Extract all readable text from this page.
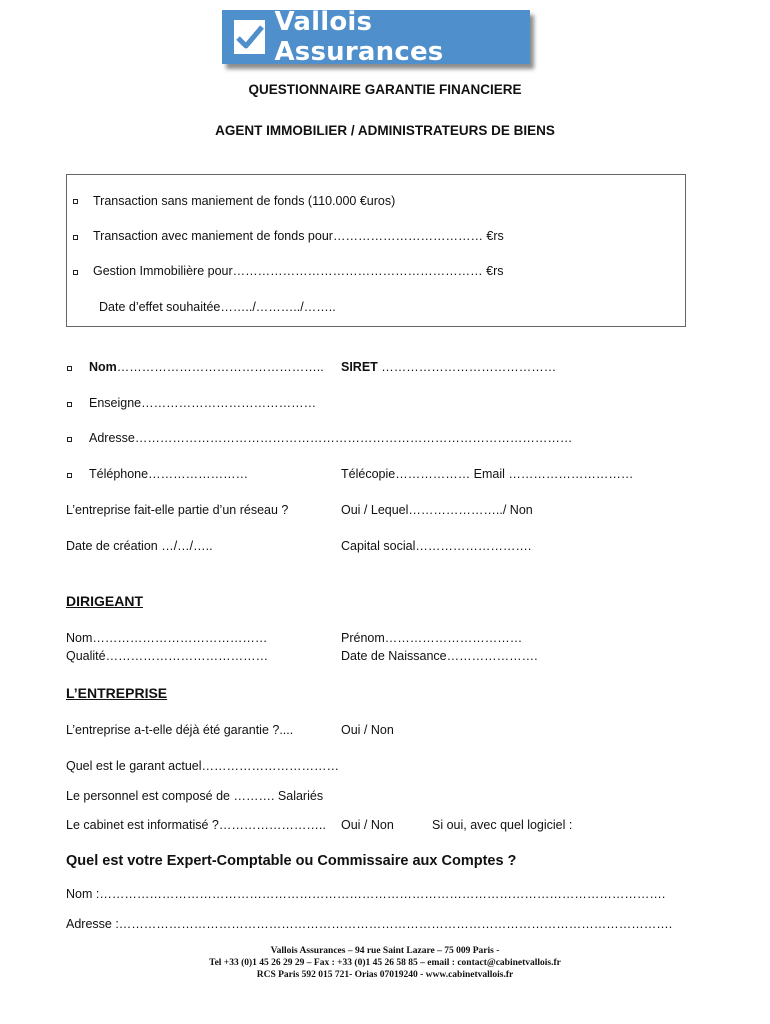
Vallois Assurances
QUESTIONNAIRE GARANTIE FINANCIERE
AGENT IMMOBILIER / ADMINISTRATEURS DE BIENS
Transaction sans maniement de fonds (110.000 €uros)
Transaction avec maniement de fonds pour……………………………… €rs
Gestion Immobilière pour…………………………………………………… €rs
Date d’effet souhaitée……../………../……..
Nom………………………………………….. SIRET ……………………………………
Enseigne……………………………………
Adresse……………………………………………………………………………………………
Téléphone……………………	Télécopie……………… Email …………………………
L’entreprise fait-elle partie d’un réseau ?	Oui / Lequel…………………../ Non
Date de création …/…/…..	Capital social……………………….
DIRIGEANT
Nom……………………………………	Prénom……………………………
Qualité…………………………………	Date de Naissance………………….
L’ENTREPRISE
L’entreprise a-t-elle déjà été garantie ?....	Oui / Non
Quel est le garant actuel……………………………
Le personnel est composé de ………. Salariés
Le cabinet est informatisé ?…………………….. Oui / Non	Si oui, avec quel logiciel :
Quel est votre Expert-Comptable ou Commissaire aux Comptes ?
Nom :……………………………………………………………………………………………………………………….
Adresse :…………………………………………………………………………………………………………………….
Vallois Assurances – 94 rue Saint Lazare – 75 009 Paris -
Tel +33 (0)1 45 26 29 29 – Fax : +33 (0)1 45 26 58 85 – email : contact@cabinetvallois.fr
RCS Paris 592 015 721- Orias 07019240 - www.cabinetvallois.fr
